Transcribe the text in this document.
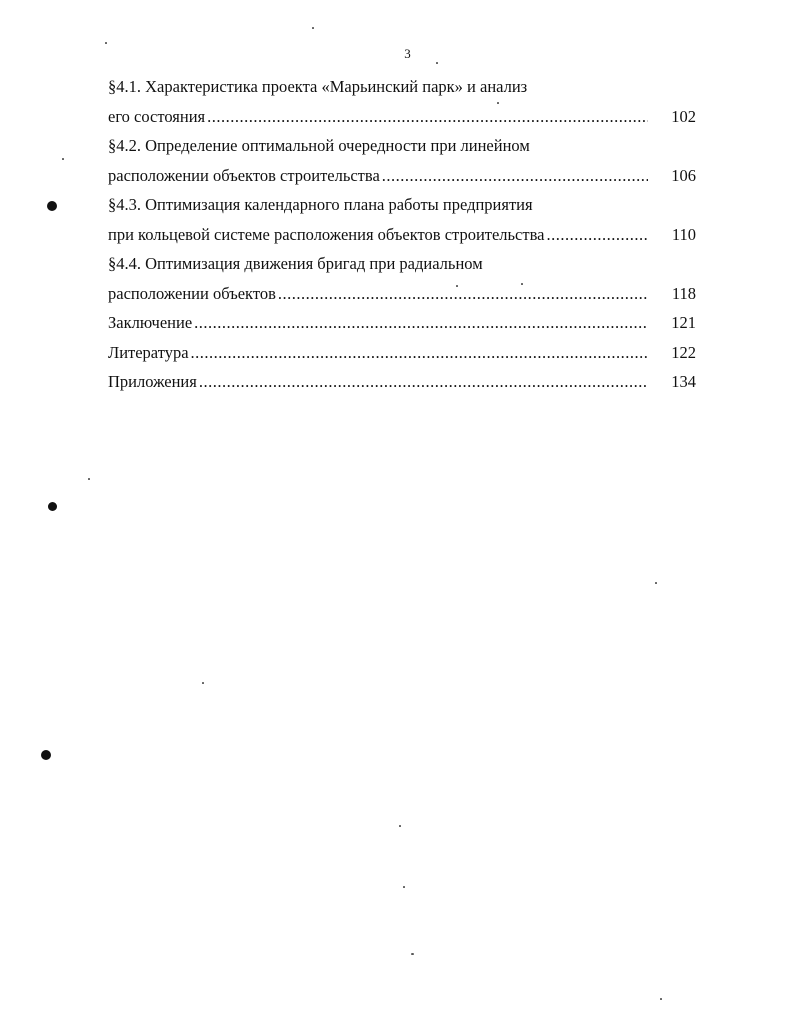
3
§4.1. Характеристика проекта «Марьинский парк» и анализ
его состояния .....	102
§4.2. Определение оптимальной очередности при линейном
расположении объектов строительства .....	106
§4.3. Оптимизация календарного плана работы предприятия
при кольцевой системе расположения объектов строительства .....	110
§4.4. Оптимизация движения бригад при радиальном
расположении объектов .....	118
Заключение .....	121
Литература .....	122
Приложения .....	134
